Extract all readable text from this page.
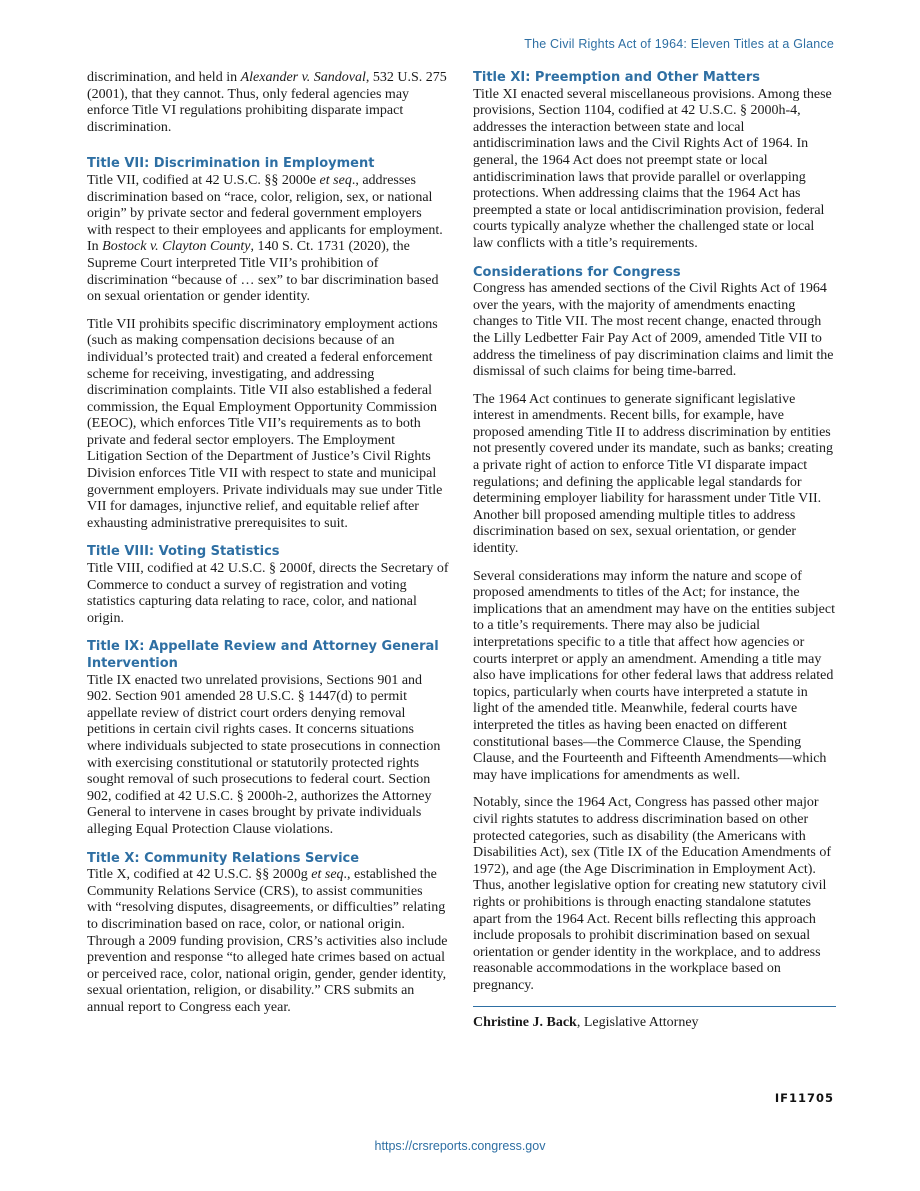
The Civil Rights Act of 1964: Eleven Titles at a Glance

discrimination, and held in Alexander v. Sandoval, 532 U.S. 275 (2001), that they cannot. Thus, only federal agencies may enforce Title VI regulations prohibiting disparate impact discrimination.

Title VII: Discrimination in Employment

Title VII, codified at 42 U.S.C. §§ 2000e et seq., addresses discrimination based on “race, color, religion, sex, or national origin” by private sector and federal government employers with respect to their employees and applicants for employment. In Bostock v. Clayton County, 140 S. Ct. 1731 (2020), the Supreme Court interpreted Title VII’s prohibition of discrimination “because of … sex” to bar discrimination based on sexual orientation or gender identity.

Title VII prohibits specific discriminatory employment actions (such as making compensation decisions because of an individual’s protected trait) and created a federal enforcement scheme for receiving, investigating, and addressing discrimination complaints. Title VII also established a federal commission, the Equal Employment Opportunity Commission (EEOC), which enforces Title VII’s requirements as to both private and federal sector employers. The Employment Litigation Section of the Department of Justice’s Civil Rights Division enforces Title VII with respect to state and municipal government employers. Private individuals may sue under Title VII for damages, injunctive relief, and equitable relief after exhausting administrative prerequisites to suit.

Title VIII: Voting Statistics

Title VIII, codified at 42 U.S.C. § 2000f, directs the Secretary of Commerce to conduct a survey of registration and voting statistics capturing data relating to race, color, and national origin.

Title IX: Appellate Review and Attorney General Intervention

Title IX enacted two unrelated provisions, Sections 901 and 902. Section 901 amended 28 U.S.C. § 1447(d) to permit appellate review of district court orders denying removal petitions in certain civil rights cases. It concerns situations where individuals subjected to state prosecutions in connection with exercising constitutional or statutorily protected rights sought removal of such prosecutions to federal court. Section 902, codified at 42 U.S.C. § 2000h-2, authorizes the Attorney General to intervene in cases brought by private individuals alleging Equal Protection Clause violations.

Title X: Community Relations Service

Title X, codified at 42 U.S.C. §§ 2000g et seq., established the Community Relations Service (CRS), to assist communities with “resolving disputes, disagreements, or difficulties” relating to discrimination based on race, color, or national origin. Through a 2009 funding provision, CRS’s activities also include prevention and response “to alleged hate crimes based on actual or perceived race, color, national origin, gender, gender identity, sexual orientation, religion, or disability.” CRS submits an annual report to Congress each year.

Title XI: Preemption and Other Matters

Title XI enacted several miscellaneous provisions. Among these provisions, Section 1104, codified at 42 U.S.C. § 2000h-4, addresses the interaction between state and local antidiscrimination laws and the Civil Rights Act of 1964. In general, the 1964 Act does not preempt state or local antidiscrimination laws that provide parallel or overlapping protections. When addressing claims that the 1964 Act has preempted a state or local antidiscrimination provision, federal courts typically analyze whether the challenged state or local law conflicts with a title’s requirements.

Considerations for Congress

Congress has amended sections of the Civil Rights Act of 1964 over the years, with the majority of amendments enacting changes to Title VII. The most recent change, enacted through the Lilly Ledbetter Fair Pay Act of 2009, amended Title VII to address the timeliness of pay discrimination claims and limit the dismissal of such claims for being time-barred.

The 1964 Act continues to generate significant legislative interest in amendments. Recent bills, for example, have proposed amending Title II to address discrimination by entities not presently covered under its mandate, such as banks; creating a private right of action to enforce Title VI disparate impact regulations; and defining the applicable legal standards for determining employer liability for harassment under Title VII. Another bill proposed amending multiple titles to address discrimination based on sex, sexual orientation, or gender identity.

Several considerations may inform the nature and scope of proposed amendments to titles of the Act; for instance, the implications that an amendment may have on the entities subject to a title’s requirements. There may also be judicial interpretations specific to a title that affect how agencies or courts interpret or apply an amendment. Amending a title may also have implications for other federal laws that address related topics, particularly when courts have interpreted a statute in light of the amended title. Meanwhile, federal courts have interpreted the titles as having been enacted on different constitutional bases—the Commerce Clause, the Spending Clause, and the Fourteenth and Fifteenth Amendments—which may have implications for amendments as well.

Notably, since the 1964 Act, Congress has passed other major civil rights statutes to address discrimination based on other protected categories, such as disability (the Americans with Disabilities Act), sex (Title IX of the Education Amendments of 1972), and age (the Age Discrimination in Employment Act). Thus, another legislative option for creating new statutory civil rights or prohibitions is through enacting standalone statutes apart from the 1964 Act. Recent bills reflecting this approach include proposals to prohibit discrimination based on sexual orientation or gender identity in the workplace, and to address reasonable accommodations in the workplace based on pregnancy.

Christine J. Back, Legislative Attorney

IF11705
https://crsreports.congress.gov
